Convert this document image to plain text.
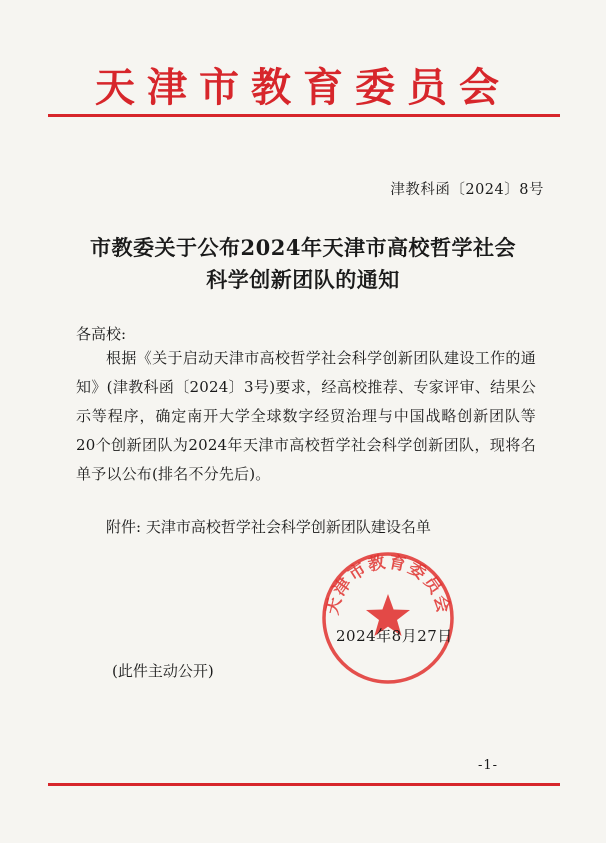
天津市教育委员会
津教科函〔2024〕8号
市教委关于公布2024年天津市高校哲学社会
科学创新团队的通知
各高校:
根据《关于启动天津市高校哲学社会科学创新团队建设工作的通知》(津教科函〔2024〕3号)要求，经高校推荐、专家评审、结果公示等程序，确定南开大学全球数字经贸治理与中国战略创新团队等20个创新团队为2024年天津市高校哲学社会科学创新团队，现将名单予以公布(排名不分先后)。
附件: 天津市高校哲学社会科学创新团队建设名单
天津市教育委员会
2024年8月27日
(此件主动公开)
-1-
